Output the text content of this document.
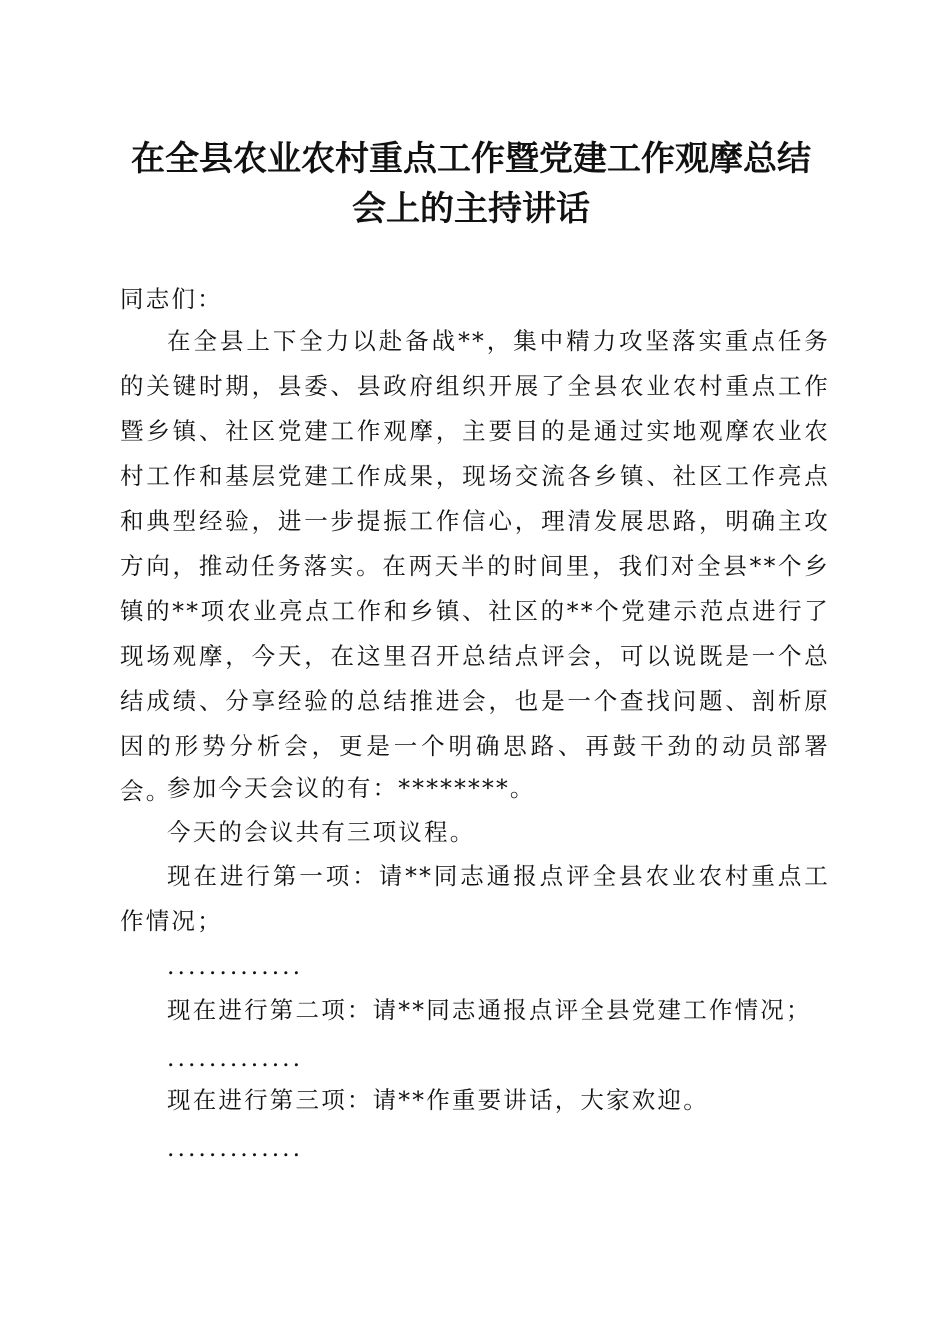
在全县农业农村重点工作暨党建工作观摩总结
会上的主持讲话

同志们：

在全县上下全力以赴备战**，集中精力攻坚落实重点任务的关键时期，县委、县政府组织开展了全县农业农村重点工作暨乡镇、社区党建工作观摩，主要目的是通过实地观摩农业农村工作和基层党建工作成果，现场交流各乡镇、社区工作亮点和典型经验，进一步提振工作信心，理清发展思路，明确主攻方向，推动任务落实。在两天半的时间里，我们对全县**个乡镇的**项农业亮点工作和乡镇、社区的**个党建示范点进行了现场观摩，今天，在这里召开总结点评会，可以说既是一个总结成绩、分享经验的总结推进会，也是一个查找问题、剖析原因的形势分析会，更是一个明确思路、再鼓干劲的动员部署会。

参加今天会议的有：********。

今天的会议共有三项议程。

现在进行第一项：请**同志通报点评全县农业农村重点工作情况；

.............

现在进行第二项：请**同志通报点评全县党建工作情况；

.............

现在进行第三项：请**作重要讲话，大家欢迎。

.............
